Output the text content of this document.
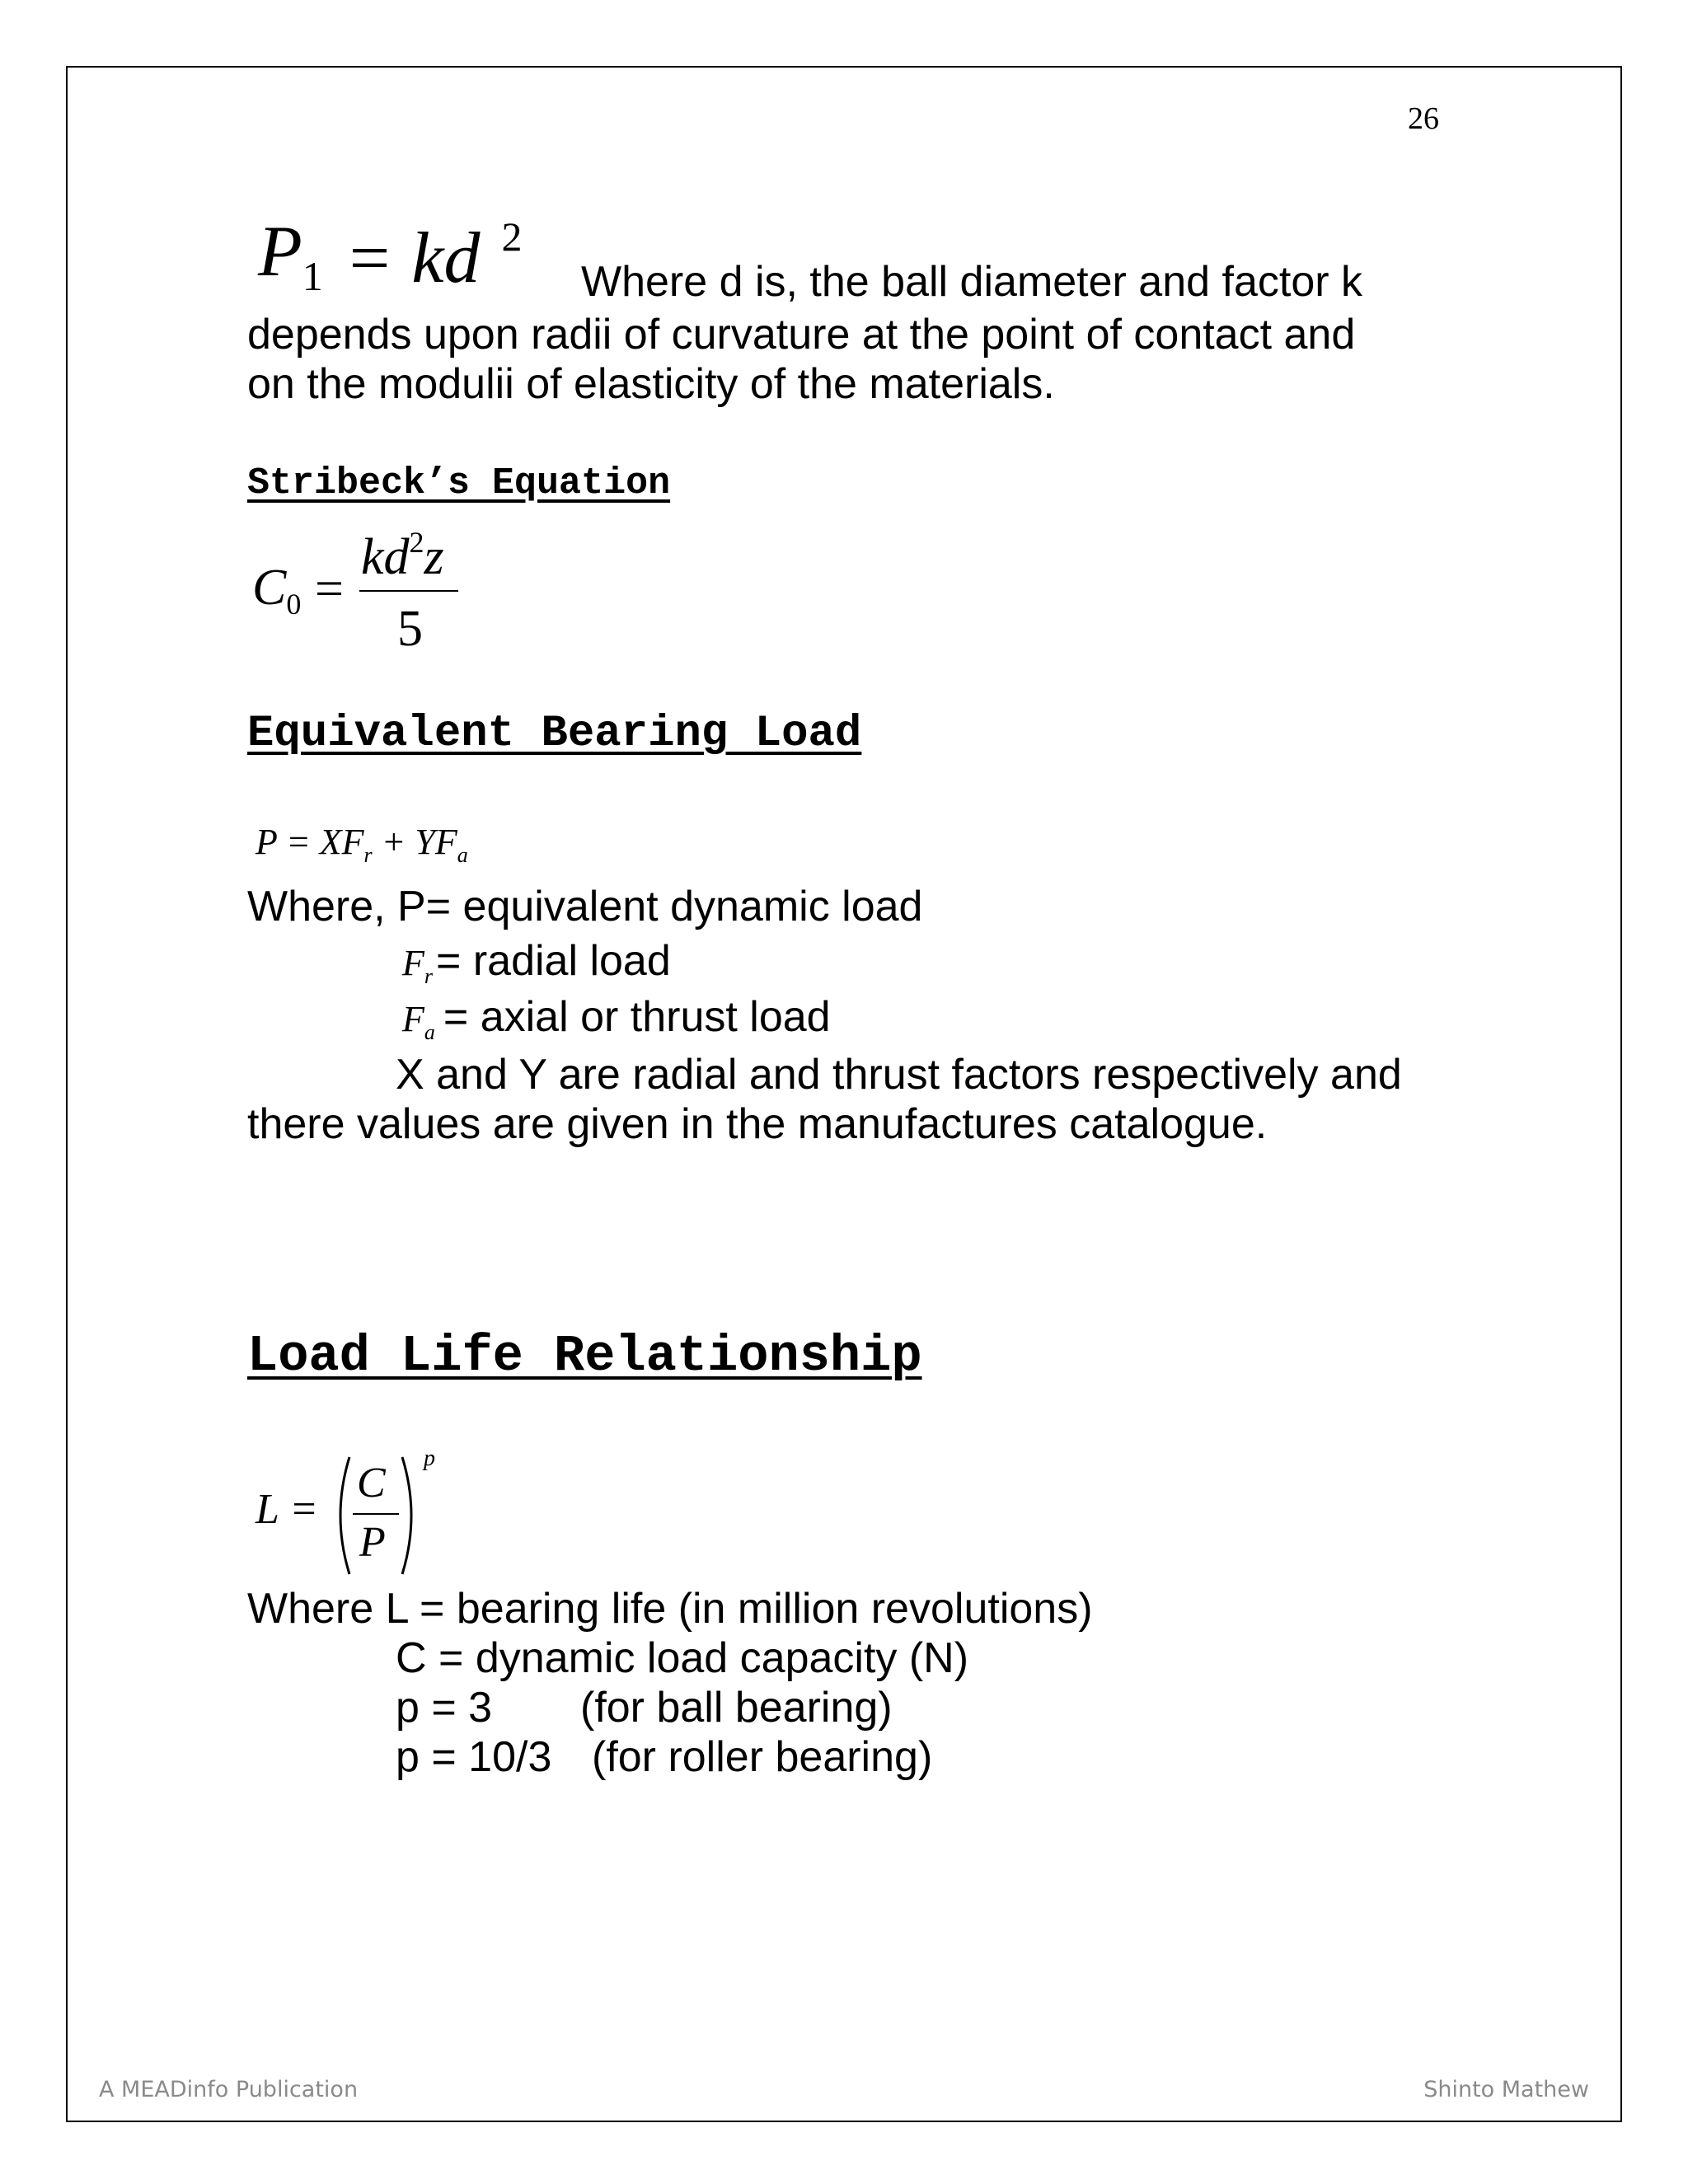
26
$P_1$ = kd $^2$
Where d is, the ball diameter and factor k
depends upon radii of curvature at the point of contact and
on the modulii of elasticity of the materials.
Stribeck’s Equation
C0 =
$kd^2z$
5
Equivalent Bearing Load
$P = XF_r + YF_a$
Where, P= equivalent dynamic load
$F_r=$ radial load
$F_a$ = axial or thrust load
X and Y are radial and thrust factors respectively and
there values are given in the manufactures catalogue.
Load Life Relationship
L =
C
P
p
Where L = bearing life (in million revolutions)
C = dynamic load capacity (N)
p = 3 (for ball bearing)
p = 10/3 (for roller bearing)
A MEADinfo Publication	Shinto Mathew
